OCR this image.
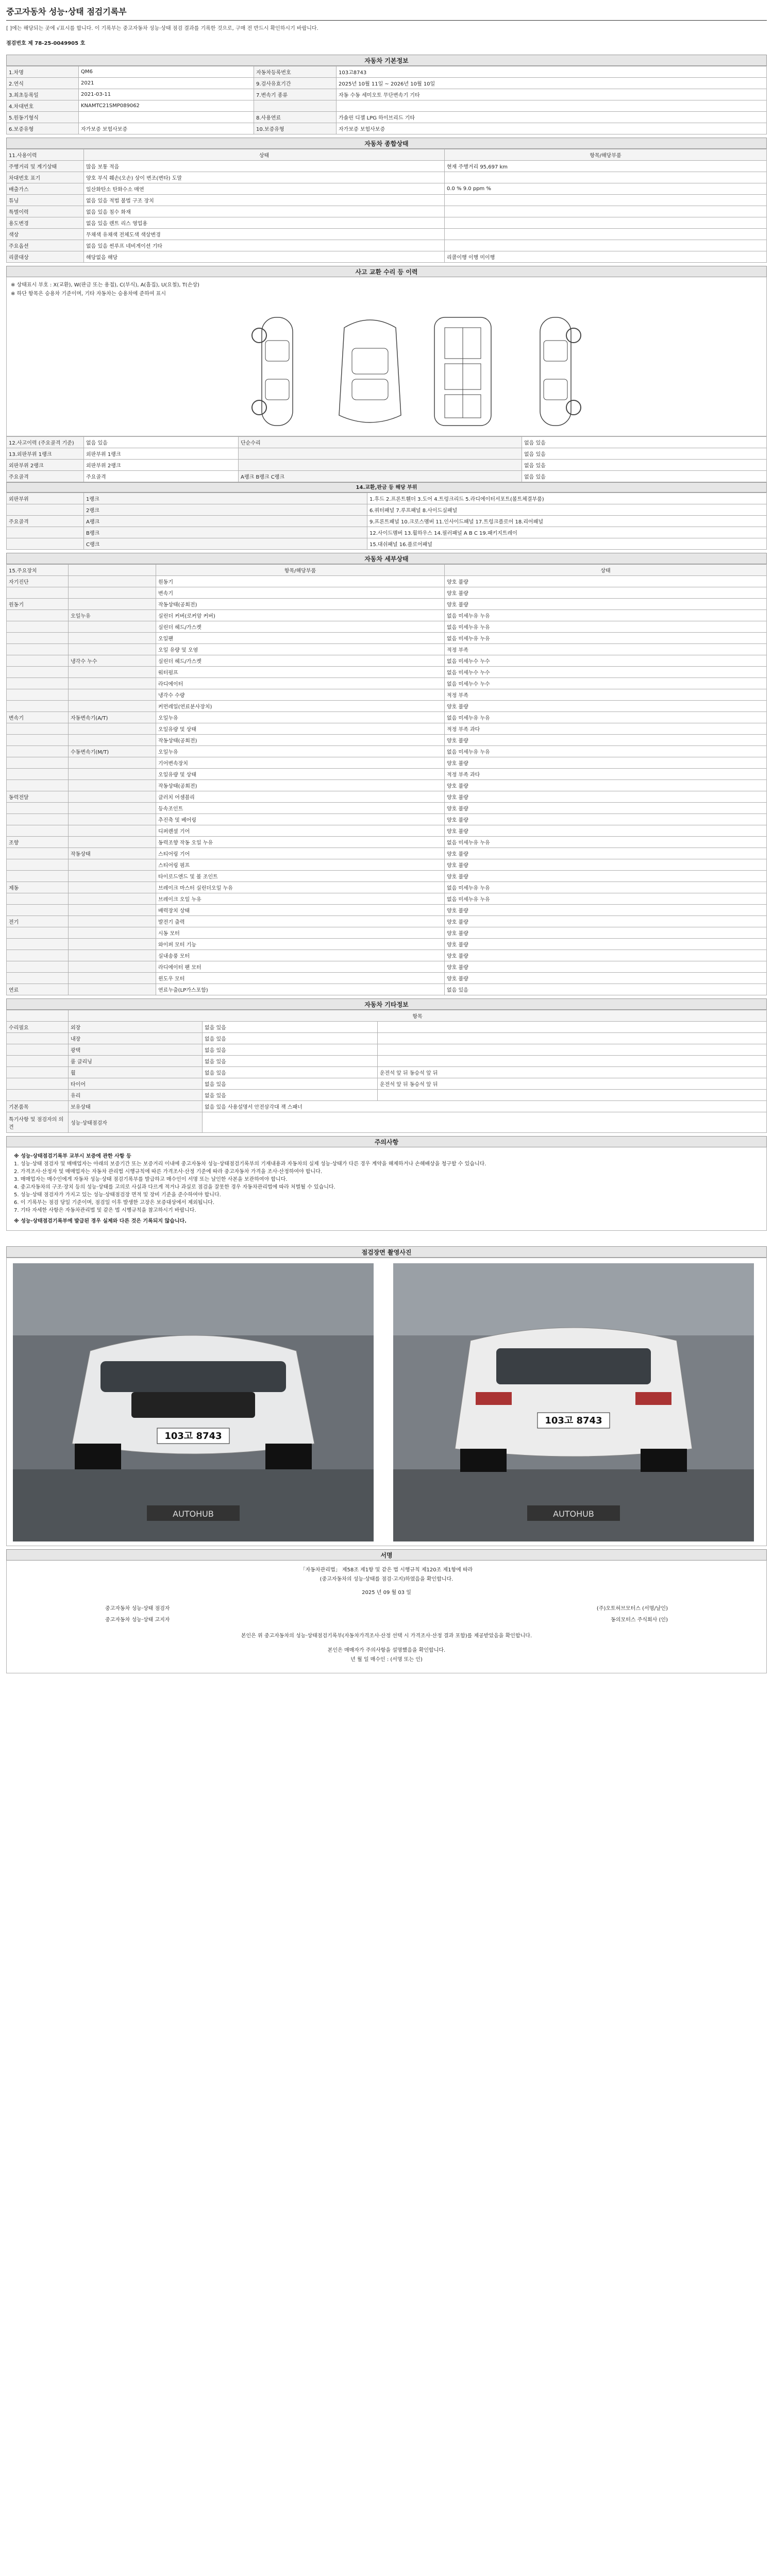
중고자동차 성능·상태 점검기록부
[ ]에는 해당되는 곳에 √표시를 합니다. 이 기록부는 중고자동차 성능·상태 점검 결과를 기록한 것으로, 구매 전 반드시 확인하시기 바랍니다.
점검번호 제 78-25-0049905 호
자동차 기본정보
1.차명	QM6	자동차등록번호	103고8743
2.연식	2021	9.검사유효기간	2025년 10월 11일 ~ 2026년 10월 10일
3.최초등록일	2021-03-11	7.변속기 종류	자동 수동 세미오토 무단변속기 기타
4.차대번호	KNAMTC21SMP089062		
5.원동기형식		8.사용연료	가솔린 디젤 LPG 하이브리드 기타
6.보증유형	자가보증 보험사보증	10.보증유형	자가보증 보험사보증
자동차 종합상태
11.사용이력	상태	항목/해당부품
주행거리 및 계기상태	많음 보통 적음	현재 주행거리 95,697 km
차대번호 표기	양호 부식 훼손(오손) 상이 변조(변타) 도말	
배출가스	일산화탄소 탄화수소 매연	0.0 % 9.0 ppm %
튜닝	없음 있음 적법 불법 구조 장치	
특별이력	없음 있음 침수 화재	
용도변경	없음 있음 렌트 리스 영업용	
색상	무채색 유채색 전체도색 색상변경	
주요옵션	없음 있음 썬루프 네비게이션 기타	
리콜대상	해당없음 해당	리콜이행 이행 미이행
사고 교환 수리 등 이력
※ 상태표시 부호 : X(교환), W(판금 또는 용접), C(부식), A(흠집), U(요철), T(손상)
※ 하단 항목은 승용차 기준이며, 기타 자동차는 승용차에 준하여 표시
12.사고이력 (주요골격 기준)	없음 있음	단순수리	없음 있음
13.외판부위 1랭크	외판부위 1랭크		없음 있음
외판부위 2랭크	외판부위 2랭크		없음 있음
주요골격	주요골격	A랭크 B랭크 C랭크	없음 있음
14.교환,판금 등 해당 부위
외판부위	1랭크	1.후드 2.프론트휀더 3.도어 4.트렁크리드 5.라디에이터서포트(볼트체결부품)
	2랭크	6.쿼터패널 7.루프패널 8.사이드실패널
주요골격	A랭크	9.프론트패널 10.크로스멤버 11.인사이드패널 17.트렁크플로어 18.리어패널
	B랭크	12.사이드멤버 13.휠하우스 14.필러패널 A B C 19.패키지트레이
	C랭크	15.대쉬패널 16.플로어패널
자동차 세부상태
15.주요장치		항목/해당부품	상태
자기진단		원동기	양호 불량
		변속기	양호 불량
원동기		작동상태(공회전)	양호 불량
	오일누유	실린더 커버(로커암 커버)	없음 미세누유 누유
		실린더 헤드/가스켓	없음 미세누유 누유
		오일팬	없음 미세누유 누유
		오일 유량 및 오염	적정 부족
	냉각수 누수	실린더 헤드/가스켓	없음 미세누수 누수
		워터펌프	없음 미세누수 누수
		라디에이터	없음 미세누수 누수
		냉각수 수량	적정 부족
		커먼레일(연료분사장치)	양호 불량
변속기	자동변속기(A/T)	오일누유	없음 미세누유 누유
		오일유량 및 상태	적정 부족 과다
		작동상태(공회전)	양호 불량
	수동변속기(M/T)	오일누유	없음 미세누유 누유
		기어변속장치	양호 불량
		오일유량 및 상태	적정 부족 과다
		작동상태(공회전)	양호 불량
동력전달		클러치 어셈블리	양호 불량
		등속조인트	양호 불량
		추진축 및 베어링	양호 불량
		디퍼렌셜 기어	양호 불량
조향		동력조향 작동 오일 누유	없음 미세누유 누유
	작동상태	스티어링 기어	양호 불량
		스티어링 펌프	양호 불량
		타이로드엔드 및 볼 조인트	양호 불량
제동		브레이크 마스터 실린더오일 누유	없음 미세누유 누유
		브레이크 오일 누유	없음 미세누유 누유
		배력장치 상태	양호 불량
전기		발전기 출력	양호 불량
		시동 모터	양호 불량
		와이퍼 모터 기능	양호 불량
		실내송풍 모터	양호 불량
		라디에이터 팬 모터	양호 불량
		윈도우 모터	양호 불량
연료		연료누출(LP가스포함)	없음 있음
자동차 기타정보
	항목		
수리필요	외장	없음 있음	
	내장	없음 있음	
	광택	없음 있음	
	룸 클리닝	없음 있음	
	휠	없음 있음	운전석 앞 뒤 동승석 앞 뒤
	타이어	없음 있음	운전석 앞 뒤 동승석 앞 뒤
	유리	없음 있음	
기본품목	보유상태	없음 있음 사용설명서 안전삼각대 잭 스패너	
특기사항 및 점검자의 의견	성능·상태점검자		
주의사항

※ 성능·상태점검기록부 교부시 보증에 관한 사항 등

1. 성능·상태 점검자 및 매매업자는 아래의 보증기간 또는 보증거리 이내에 중고자동차 성능·상태점검기록부의 기재내용과 자동차의 실제 성능·상태가 다른 경우 계약을 해제하거나 손해배상을 청구할 수 있습니다.

2. 가격조사·산정자 및 매매업자는 자동차 관리법 시행규칙에 따른 가격조사·산정 기준에 따라 중고자동차 가격을 조사·산정하여야 합니다.

3. 매매업자는 매수인에게 자동차 성능·상태 점검기록부를 발급하고 매수인이 서명 또는 날인한 사본을 보관하여야 합니다.

4. 중고자동차의 구조·장치 등의 성능·상태를 고의로 사실과 다르게 적거나 과실로 점검을 잘못한 경우 자동차관리법에 따라 처벌될 수 있습니다.

5. 성능·상태 점검자가 가지고 있는 성능·상태점검장 면적 및 장비 기준을 준수하여야 합니다.

6. 이 기록부는 점검 당일 기준이며, 점검일 이후 발생한 고장은 보증대상에서 제외됩니다.

7. 기타 자세한 사항은 자동차관리법 및 같은 법 시행규칙을 참고하시기 바랍니다.

※ 성능·상태점검기록부에 발급된 경우 실제와 다른 것은 기록되지 않습니다.

점검장면 촬영사진
103고 8743
AUTOHUB
103고 8743
AUTOHUB
서명

「자동차관리법」 제58조 제1항 및 같은 법 시행규칙 제120조 제1항에 따라

(중고자동차의 성능·상태를 점검·고지)하였음을 확인합니다.

2025 년 09 월 03 일

중고자동차 성능·상태 점검자	(주)오토허브모터스 (서명/날인)
중고자동차 성능·상태 고지자	동의모터스 주식회사 (인)

본인은 위 중고자동차의 성능·상태점검기록부(자동차가격조사·산정 선택 시 가격조사·산정 결과 포함)를 제공받았음을 확인합니다.

본인은 매매자가 주의사항을 설명했음을 확인합니다.

년 월 일 매수인 : (서명 또는 인)
